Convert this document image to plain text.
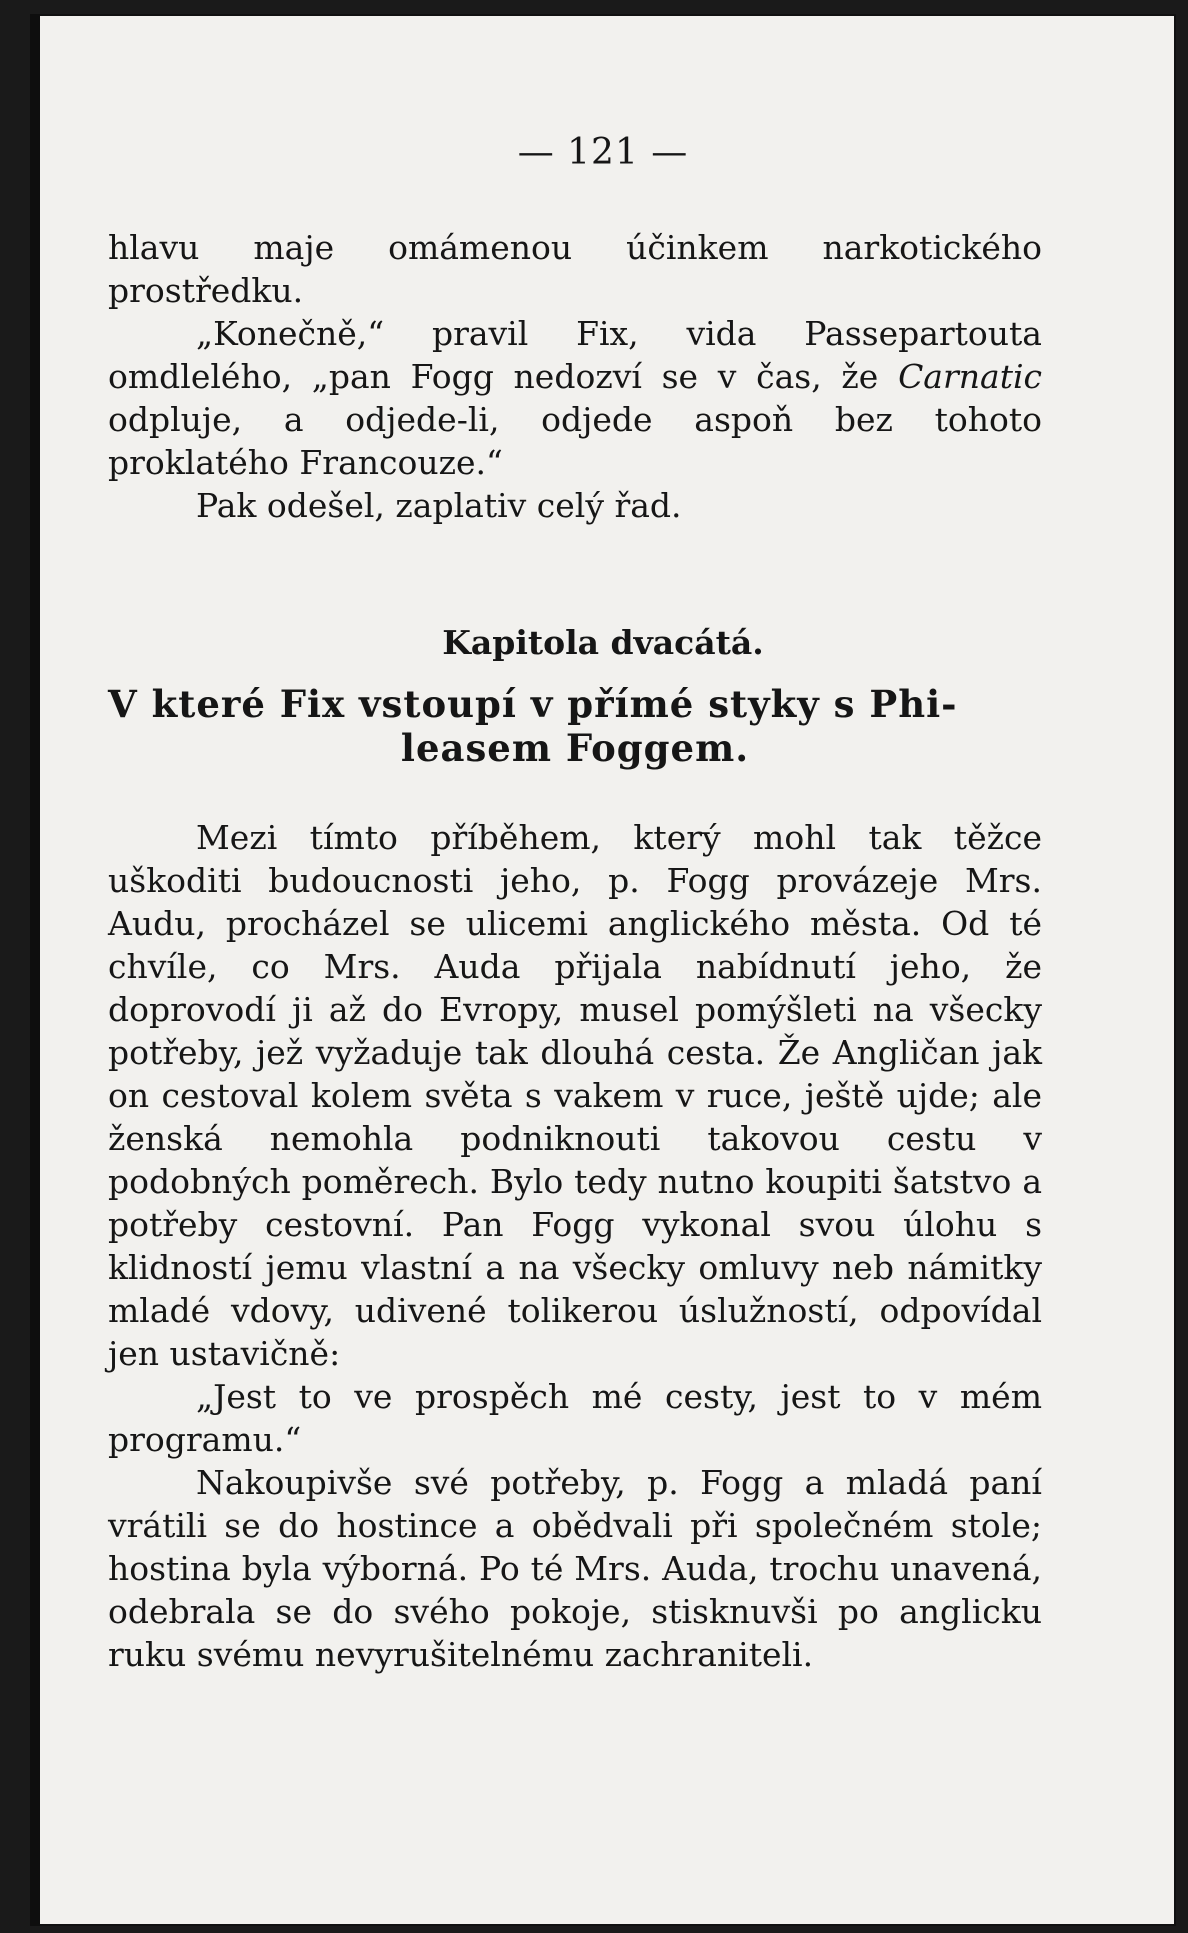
— 121 —

hlavu maje omámenou účinkem narkotického prostředku.

„Konečně,“ pravil Fix, vida Passepartouta omdlelého, „pan Fogg nedozví se v čas, že Carnatic odpluje, a odjede-li, odjede aspoň bez tohoto proklatého Francouze.“

Pak odešel, zaplativ celý řad.

Kapitola dvacátá.
V které Fix vstoupí v přímé styky s Phi-
leasem Foggem.

Mezi tímto příběhem, který mohl tak těžce uškoditi budoucnosti jeho, p. Fogg provázeje Mrs. Audu, procházel se ulicemi anglického města. Od té chvíle, co Mrs. Auda přijala nabídnutí jeho, že doprovodí ji až do Evropy, musel pomýšleti na všecky potřeby, jež vyžaduje tak dlouhá cesta. Že Angličan jak on cestoval kolem světa s vakem v ruce, ještě ujde; ale ženská nemohla podniknouti takovou cestu v podobných poměrech. Bylo tedy nutno koupiti šatstvo a potřeby cestovní. Pan Fogg vykonal svou úlohu s klidností jemu vlastní a na všecky omluvy neb námitky mladé vdovy, udivené tolikerou úslužností, odpovídal jen ustavičně:

„Jest to ve prospěch mé cesty, jest to v mém programu.“

Nakoupivše své potřeby, p. Fogg a mladá paní vrátili se do hostince a obědvali při společném stole; hostina byla výborná. Po té Mrs. Auda, trochu unavená, odebrala se do svého pokoje, stisknuvši po anglicku ruku svému nevyrušitelnému zachraniteli.
